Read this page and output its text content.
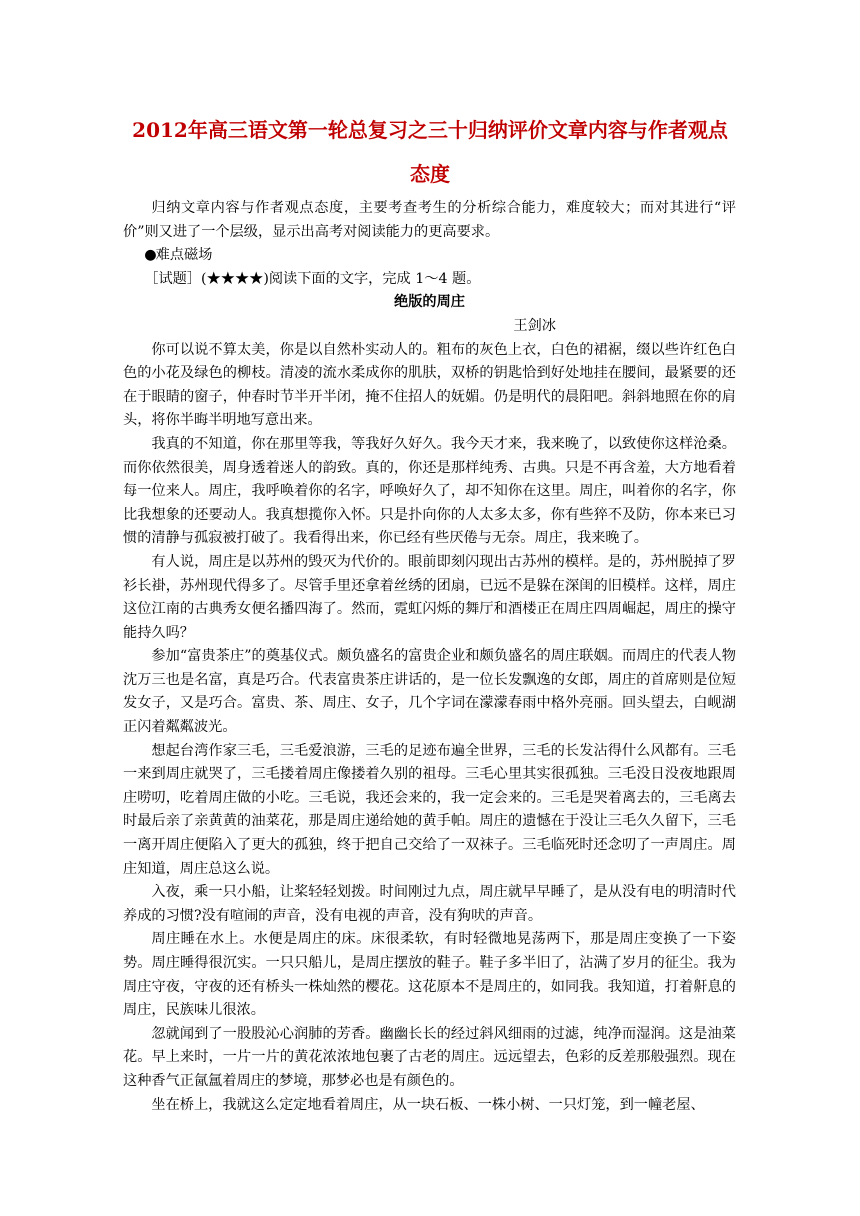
2012年高三语文第一轮总复习之三十归纳评价文章内容与作者观点
态度

归纳文章内容与作者观点态度，主要考查考生的分析综合能力，难度较大；而对其进行“评价”则又进了一个层级，显示出高考对阅读能力的更高要求。

●难点磁场

［试题］(★★★★)阅读下面的文字，完成 1～4 题。

绝版的周庄

王剑冰

你可以说不算太美，你是以自然朴实动人的。粗布的灰色上衣，白色的裙裾，缀以些许红色白色的小花及绿色的柳枝。清凌的流水柔成你的肌肤，双桥的钥匙恰到好处地挂在腰间，最紧要的还在于眼睛的窗子，仲春时节半开半闭，掩不住招人的妩媚。仍是明代的晨阳吧。斜斜地照在你的肩头，将你半晦半明地写意出来。

我真的不知道，你在那里等我，等我好久好久。我今天才来，我来晚了，以致使你这样沧桑。而你依然很美，周身透着迷人的韵致。真的，你还是那样纯秀、古典。只是不再含羞，大方地看着每一位来人。周庄，我呼唤着你的名字，呼唤好久了，却不知你在这里。周庄，叫着你的名字，你比我想象的还要动人。我真想揽你入怀。只是扑向你的人太多太多，你有些猝不及防，你本来已习惯的清静与孤寂被打破了。我看得出来，你已经有些厌倦与无奈。周庄，我来晚了。

有人说，周庄是以苏州的毁灭为代价的。眼前即刻闪现出古苏州的模样。是的，苏州脱掉了罗衫长褂，苏州现代得多了。尽管手里还拿着丝绣的团扇，已远不是躲在深闺的旧模样。这样，周庄这位江南的古典秀女便名播四海了。然而，霓虹闪烁的舞厅和酒楼正在周庄四周崛起，周庄的操守能持久吗？

参加“富贵茶庄”的奠基仪式。颇负盛名的富贵企业和颇负盛名的周庄联姻。而周庄的代表人物沈万三也是名富，真是巧合。代表富贵茶庄讲话的，是一位长发飘逸的女郎，周庄的首席则是位短发女子，又是巧合。富贵、茶、周庄、女子，几个字词在濛濛春雨中格外亮丽。回头望去，白岘湖正闪着粼粼波光。

想起台湾作家三毛，三毛爱浪游，三毛的足迹布遍全世界，三毛的长发沾得什么风都有。三毛一来到周庄就哭了，三毛搂着周庄像搂着久别的祖母。三毛心里其实很孤独。三毛没日没夜地跟周庄唠叨，吃着周庄做的小吃。三毛说，我还会来的，我一定会来的。三毛是哭着离去的，三毛离去时最后亲了亲黄黄的油菜花，那是周庄递给她的黄手帕。周庄的遗憾在于没让三毛久久留下，三毛一离开周庄便陷入了更大的孤独，终于把自己交给了一双袜子。三毛临死时还念叨了一声周庄。周庄知道，周庄总这么说。

入夜，乘一只小船，让桨轻轻划拨。时间刚过九点，周庄就早早睡了，是从没有电的明清时代养成的习惯?没有喧闹的声音，没有电视的声音，没有狗吠的声音。

周庄睡在水上。水便是周庄的床。床很柔软，有时轻微地晃荡两下，那是周庄变换了一下姿势。周庄睡得很沉实。一只只船儿，是周庄摆放的鞋子。鞋子多半旧了，沾满了岁月的征尘。我为周庄守夜，守夜的还有桥头一株灿然的樱花。这花原本不是周庄的，如同我。我知道，打着鼾息的周庄，民族味儿很浓。

忽就闻到了一股股沁心润肺的芳香。幽幽长长的经过斜风细雨的过滤，纯净而湿润。这是油菜花。早上来时，一片一片的黄花浓浓地包裹了古老的周庄。远远望去，色彩的反差那般强烈。现在这种香气正氤氲着周庄的梦境，那梦必也是有颜色的。

坐在桥上，我就这么定定地看着周庄，从一块石板、一株小树、一只灯笼，到一幢老屋、
